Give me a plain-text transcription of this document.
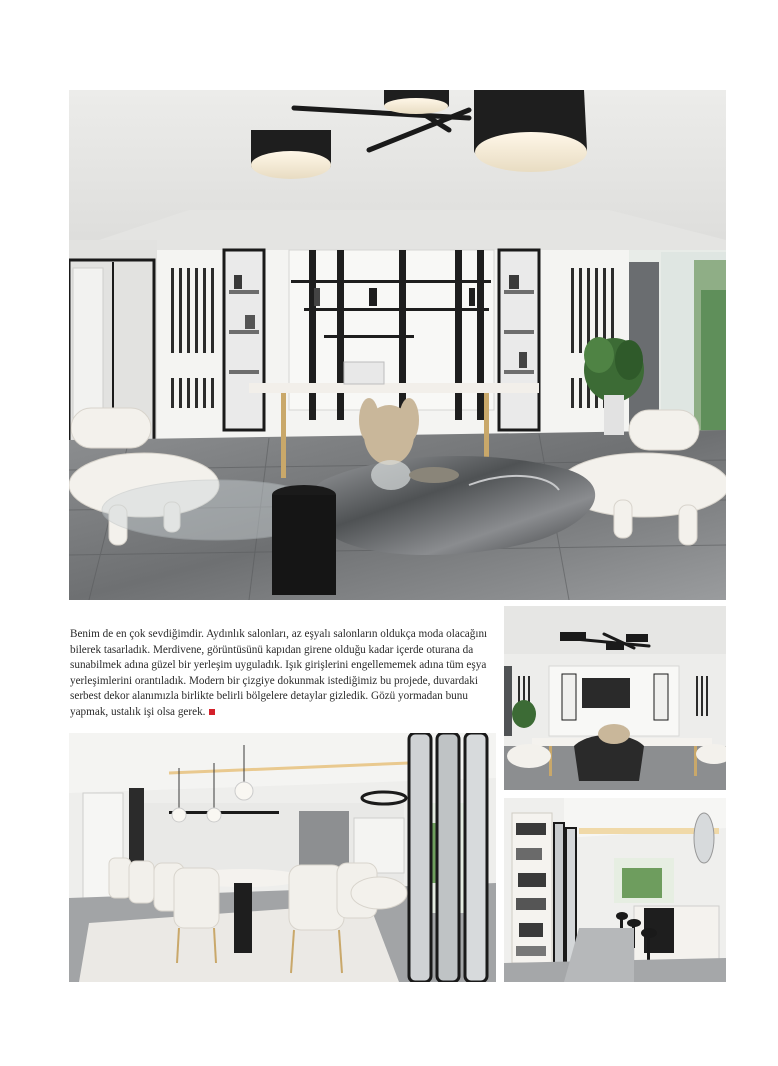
Benim de en çok sevdiğimdir. Aydınlık salonları, az eşyalı salonların oldukça moda olacağını bilerek tasarladık. Merdivene, görüntüsünü kapıdan girene olduğu kadar içerde oturana da sunabilmek adına güzel bir yerleşim uyguladık. Işık girişlerini engellememek adına tüm eşya yerleşimlerini orantıladık. Modern bir çizgiye dokunmak istediğimiz bu projede, duvardaki serbest dekor alanımızla birlikte belirli bölgelere detaylar gizledik. Gözü yormadan bunu yapmak, ustalık işi olsa gerek.
